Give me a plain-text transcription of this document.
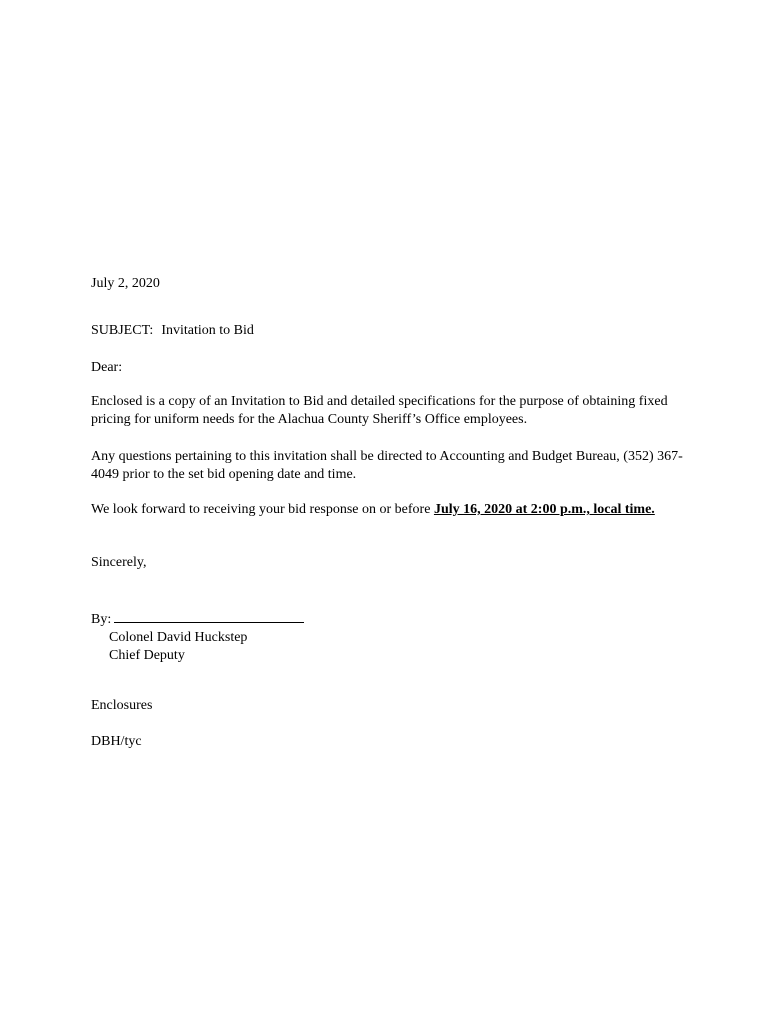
July 2, 2020

SUBJECT: Invitation to Bid

Dear:

Enclosed is a copy of an Invitation to Bid and detailed specifications for the purpose of obtaining fixed pricing for uniform needs for the Alachua County Sheriff’s Office employees.

Any questions pertaining to this invitation shall be directed to Accounting and Budget Bureau, (352) 367-4049 prior to the set bid opening date and time.

We look forward to receiving your bid response on or before July 16, 2020 at 2:00 p.m., local time.

Sincerely,

By:
Colonel David Huckstep
Chief Deputy

Enclosures

DBH/tyc
